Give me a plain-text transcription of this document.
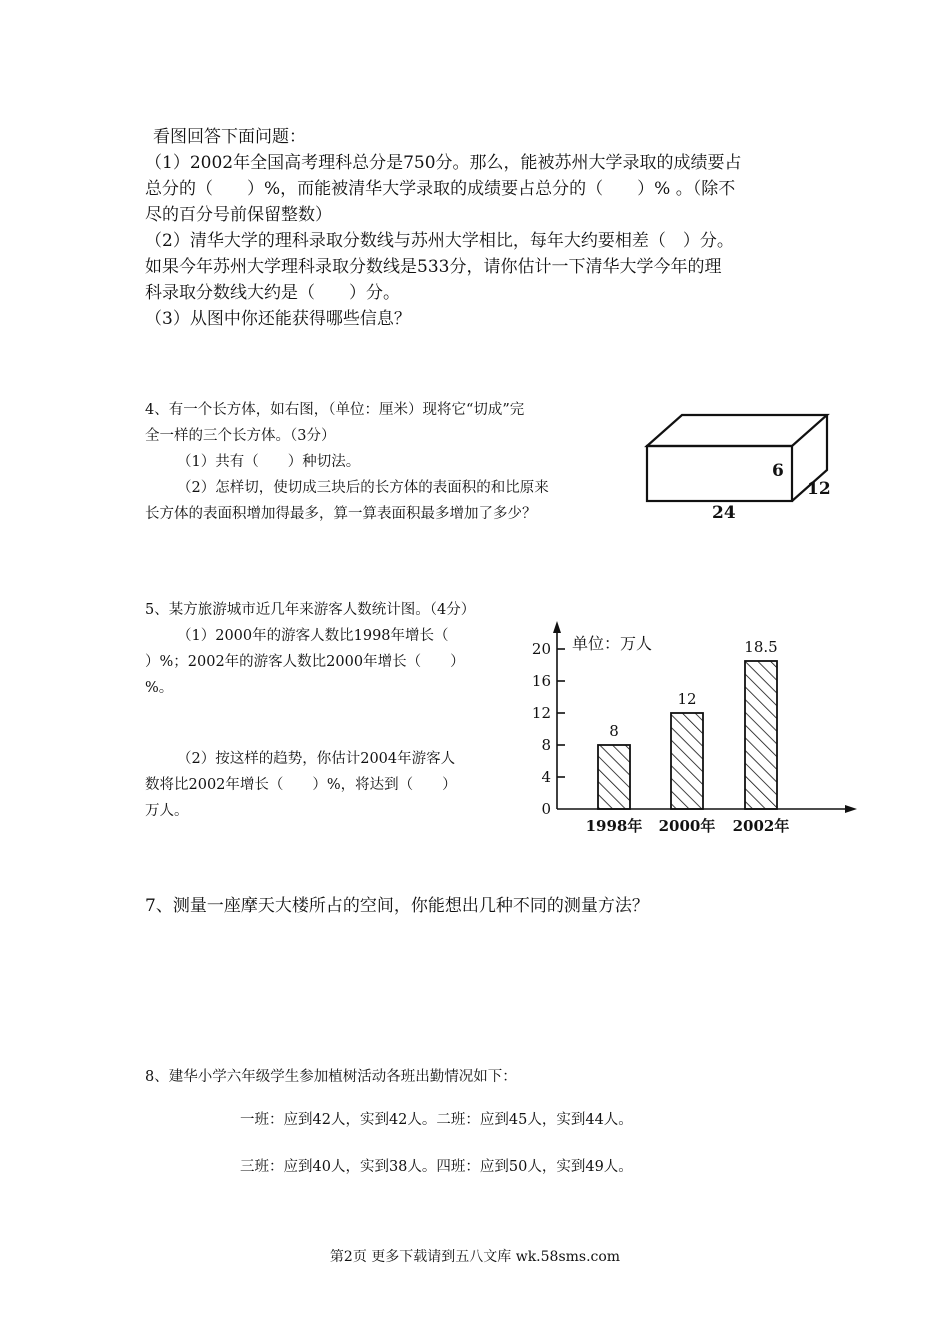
看图回答下面问题：

（1）2002年全国高考理科总分是750分。那么，能被苏州大学录取的成绩要占

总分的（　　）%，而能被清华大学录取的成绩要占总分的（　　）% 。（除不

尽的百分号前保留整数）

（2）清华大学的理科录取分数线与苏州大学相比，每年大约要相差（　）分。

如果今年苏州大学理科录取分数线是533分，请你估计一下清华大学今年的理

科录取分数线大约是（　　）分。

（3）从图中你还能获得哪些信息？

4、有一个长方体，如右图，（单位：厘米）现将它“切成”完

全一样的三个长方体。（3分）

（1）共有（　　）种切法。

（2）怎样切，使切成三块后的长方体的表面积的和比原来

长方体的表面积增加得最多，算一算表面积最多增加了多少？

6
12
24

5、某方旅游城市近几年来游客人数统计图。（4分）

（1）2000年的游客人数比1998年增长（

）%；2002年的游客人数比2000年增长（　　）

%。

（2）按这样的趋势，你估计2004年游客人

数将比2002年增长（　　）%，将达到（　　）

万人。	0
4
8
12
16
20
8
1998年
12
2000年
18.5
2002年
单位：万人

7、测量一座摩天大楼所占的空间，你能想出几种不同的测量方法？

8、建华小学六年级学生参加植树活动各班出勤情况如下：

一班：应到42人，实到42人。二班：应到45人，实到44人。

三班：应到40人，实到38人。四班：应到50人，实到49人。

第2页 更多下载请到五八文库 wk.58sms.com
